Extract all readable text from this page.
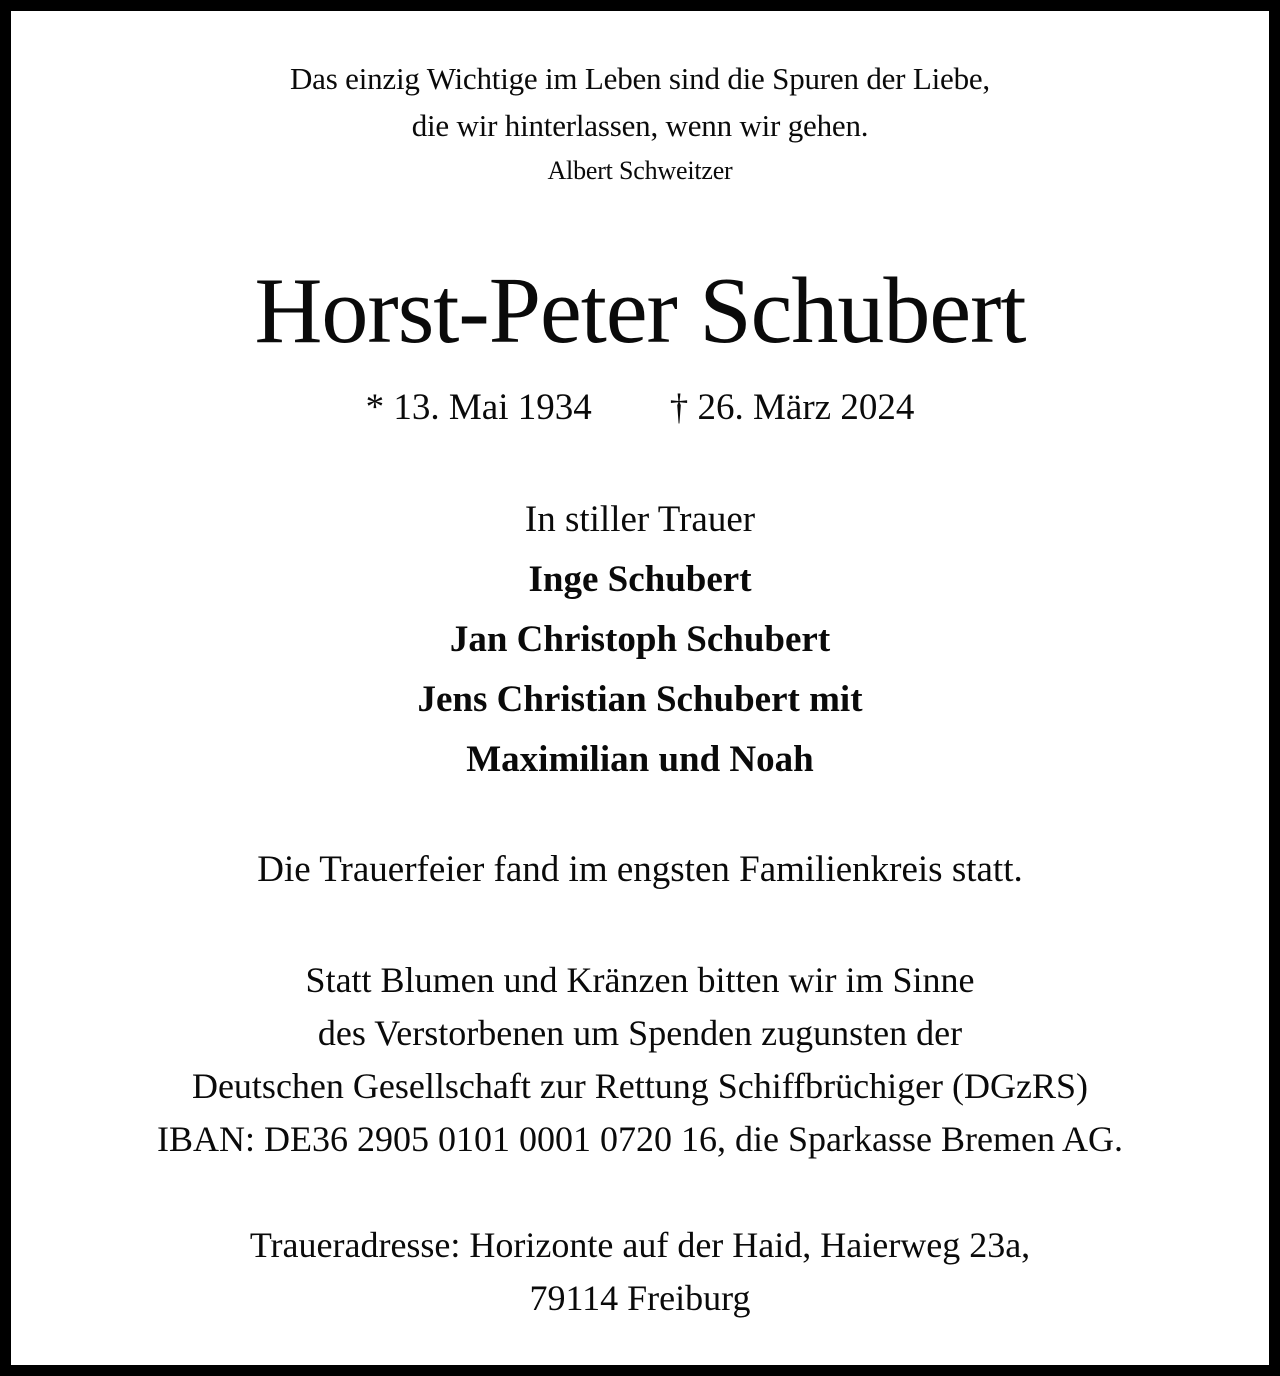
Das einzig Wichtige im Leben sind die Spuren der Liebe,
die wir hinterlassen, wenn wir gehen.
Albert Schweitzer
Horst-Peter Schubert
* 13. Mai 1934 † 26. März 2024
In stiller Trauer
Inge Schubert
Jan Christoph Schubert
Jens Christian Schubert mit
Maximilian und Noah
Die Trauerfeier fand im engsten Familienkreis statt.
Statt Blumen und Kränzen bitten wir im Sinne
des Verstorbenen um Spenden zugunsten der
Deutschen Gesellschaft zur Rettung Schiffbrüchiger (DGzRS)
IBAN: DE36 2905 0101 0001 0720 16, die Sparkasse Bremen AG.
Traueradresse: Horizonte auf der Haid, Haierweg 23a,
79114 Freiburg
